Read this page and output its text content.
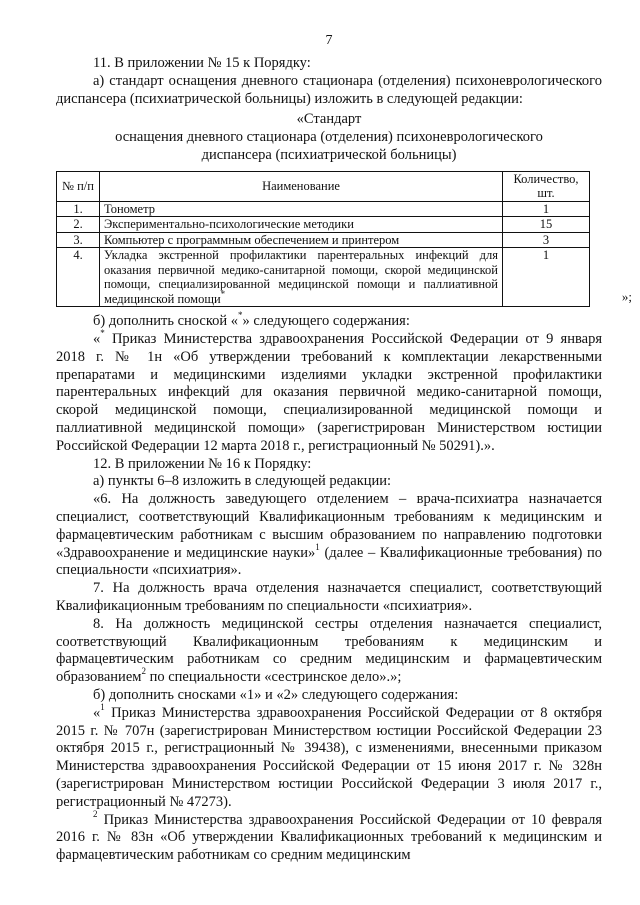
7

11. В приложении № 15 к Порядку:

а) стандарт оснащения дневного стационара (отделения) психоневрологического диспансера (психиатрической больницы) изложить в следующей редакции:

«Стандарт

оснащения дневного стационара (отделения) психоневрологического диспансера (психиатрической больницы)

№ п/п	Наименование	Количество, шт.
1.	Тонометр	1
2.	Экспериментально-психологические методики	15
3.	Компьютер с программным обеспечением и принтером	3
4.	Укладка экстренной профилактики парентеральных инфекций для оказания первичной медико-санитарной помощи, скорой медицинской помощи, специализированной медицинской помощи и паллиативной медицинской помощи*	1
»;

б) дополнить сноской «*» следующего содержания:

«* Приказ Министерства здравоохранения Российской Федерации от 9 января 2018 г. № 1н «Об утверждении требований к комплектации лекарственными препаратами и медицинскими изделиями укладки экстренной профилактики парентеральных инфекций для оказания первичной медико-санитарной помощи, скорой медицинской помощи, специализированной медицинской помощи и паллиативной медицинской помощи» (зарегистрирован Министерством юстиции Российской Федерации 12 марта 2018 г., регистрационный № 50291).».

12. В приложении № 16 к Порядку:

а) пункты 6–8 изложить в следующей редакции:

«6. На должность заведующего отделением – врача-психиатра назначается специалист, соответствующий Квалификационным требованиям к медицинским и фармацевтическим работникам с высшим образованием по направлению подготовки «Здравоохранение и медицинские науки»$^1$ (далее – Квалификационные требования) по специальности «психиатрия».

7. На должность врача отделения назначается специалист, соответствующий Квалификационным требованиям по специальности «психиатрия».

8. На должность медицинской сестры отделения назначается специалист, соответствующий Квалификационным требованиям к медицинским и фармацевтическим работникам со средним медицинским и фармацевтическим образованием$^2$ по специальности «сестринское дело».»;

б) дополнить сносками «1» и «2» следующего содержания:

«$^1$ Приказ Министерства здравоохранения Российской Федерации от 8 октября 2015 г. № 707н (зарегистрирован Министерством юстиции Российской Федерации 23 октября 2015 г., регистрационный № 39438), с изменениями, внесенными приказом Министерства здравоохранения Российской Федерации от 15 июня 2017 г. № 328н (зарегистрирован Министерством юстиции Российской Федерации 3 июля 2017 г., регистрационный № 47273).

$^2$ Приказ Министерства здравоохранения Российской Федерации от 10 февраля 2016 г. № 83н «Об утверждении Квалификационных требований к медицинским и фармацевтическим работникам со средним медицинским
